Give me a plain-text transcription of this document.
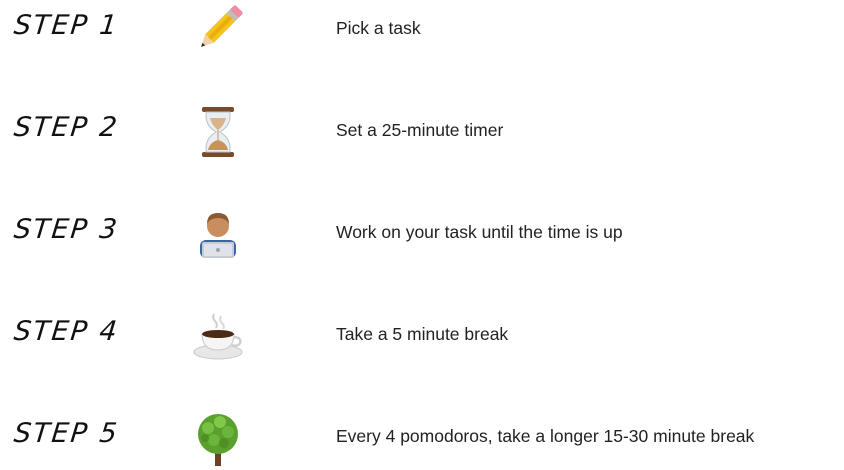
STEP 1	Pick a task
STEP 2	Set a 25-minute timer
STEP 3	Work on your task until the time is up
STEP 4	Take a 5 minute break
STEP 5	Every 4 pomodoros, take a longer 15-30 minute break
